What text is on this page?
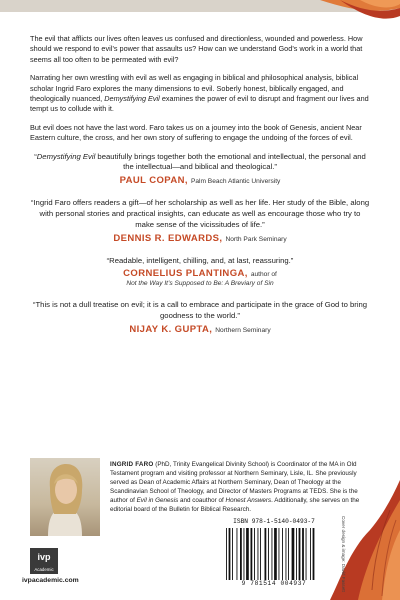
The evil that afflicts our lives often leaves us confused and directionless, wounded and powerless. How should we respond to evil’s power that assaults us? How can we understand God’s work in a world that seems all too often to be permeated with evil?

Narrating her own wrestling with evil as well as engaging in biblical and philosophical analysis, biblical scholar Ingrid Faro explores the many dimensions to evil. Soberly honest, biblically engaged, and theologically nuanced, Demystifying Evil examines the power of evil to disrupt and fragment our lives and tempt us to collude with it.

But evil does not have the last word. Faro takes us on a journey into the book of Genesis, ancient Near Eastern culture, the cross, and her own story of suffering to engage the undoing of the forces of evil.

“Demystifying Evil beautifully brings together both the emotional and intellectual, the personal and the intellectual—and biblical and theological.”
PAUL COPAN, Palm Beach Atlantic University
“Ingrid Faro offers readers a gift—of her scholarship as well as her life. Her study of the Bible, along with personal stories and practical insights, can educate as well as encourage those who try to make sense of the vicissitudes of life.”
DENNIS R. EDWARDS, North Park Seminary
“Readable, intelligent, chilling, and, at last, reassuring.”
CORNELIUS PLANTINGA, author of
Not the Way It’s Supposed to Be: A Breviary of Sin
“This is not a dull treatise on evil; it is a call to embrace and participate in the grace of God to bring goodness to the world.”
NIJAY K. GUPTA, Northern Seminary
INGRID FARO (PhD, Trinity Evangelical Divinity School) is Coordinator of the MA in Old Testament program and visiting professor at Northern Seminary, Lisle, IL. She previously served as Dean of Academic Affairs at Northern Seminary, Dean of Theology at the Scandinavian School of Theology, and Director of Masters Programs at TEDS. She is the author of Evil in Genesis and coauthor of Honest Answers. Additionally, she serves on the editorial board of the Bulletin for Biblical Research.
ivp
Academic
ivpacademic.com
ISBN 978-1-5140-0493-7
9 781514 004937	Cover design & image: David Fassett
